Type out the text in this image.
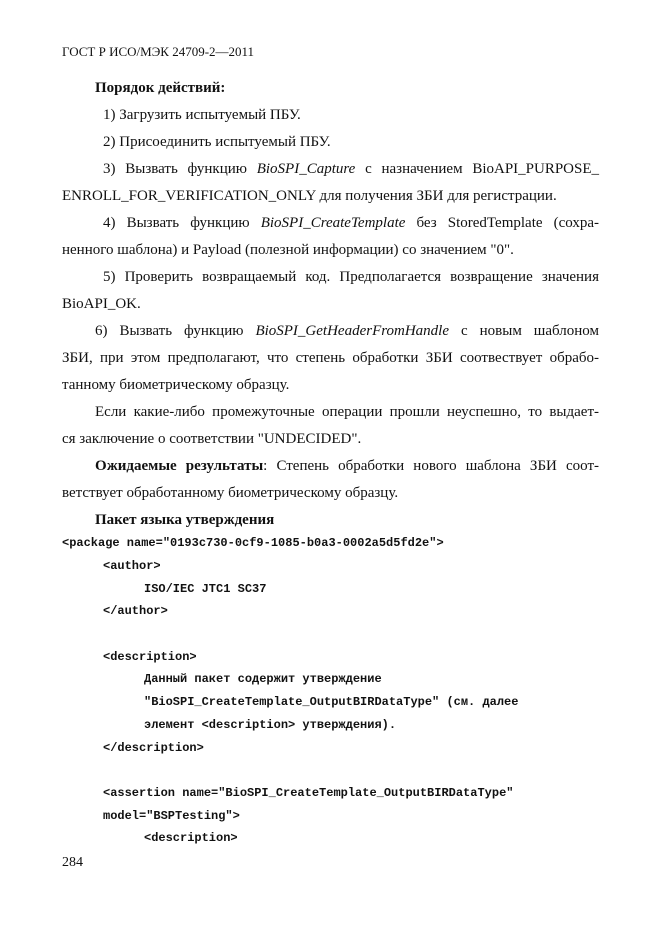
ГОСТ Р ИСО/МЭК 24709-2—2011
Порядок действий:
1) Загрузить испытуемый ПБУ.
2) Присоединить испытуемый ПБУ.
3) Вызвать функцию BioSPI_Capture с назначением BioAPI_PURPOSE_
ENROLL_FOR_VERIFICATION_ONLY для получения ЗБИ для регистрации.
4) Вызвать функцию BioSPI_CreateTemplate без StoredTemplate (сохра-
ненного шаблона) и Payload (полезной информации) со значением "0".
5) Проверить возвращаемый код. Предполагается возвращение значения
BioAPI_OK.
6) Вызвать функцию BioSPI_GetHeaderFromHandle с новым шаблоном
ЗБИ, при этом предполагают, что степень обработки ЗБИ соотвествует обрабо-
танному биометрическому образцу.
Если какие-либо промежуточные операции прошли неуспешно, то выдает-
ся заключение о соответствии "UNDECIDED".
Ожидаемые результаты: Степень обработки нового шаблона ЗБИ соот-
ветствует обработанному биометрическому образцу.
Пакет языка утверждения
<package name="0193c730-0cf9-1085-b0a3-0002a5d5fd2e">
<author>
ISO/IEC JTC1 SC37
</author>
<description>
Данный пакет содержит утверждение
"BioSPI_CreateTemplate_OutputBIRDataType" (см. далее
элемент <description> утверждения).
</description>
<assertion name="BioSPI_CreateTemplate_OutputBIRDataType"
model="BSPTesting">
<description>
284
